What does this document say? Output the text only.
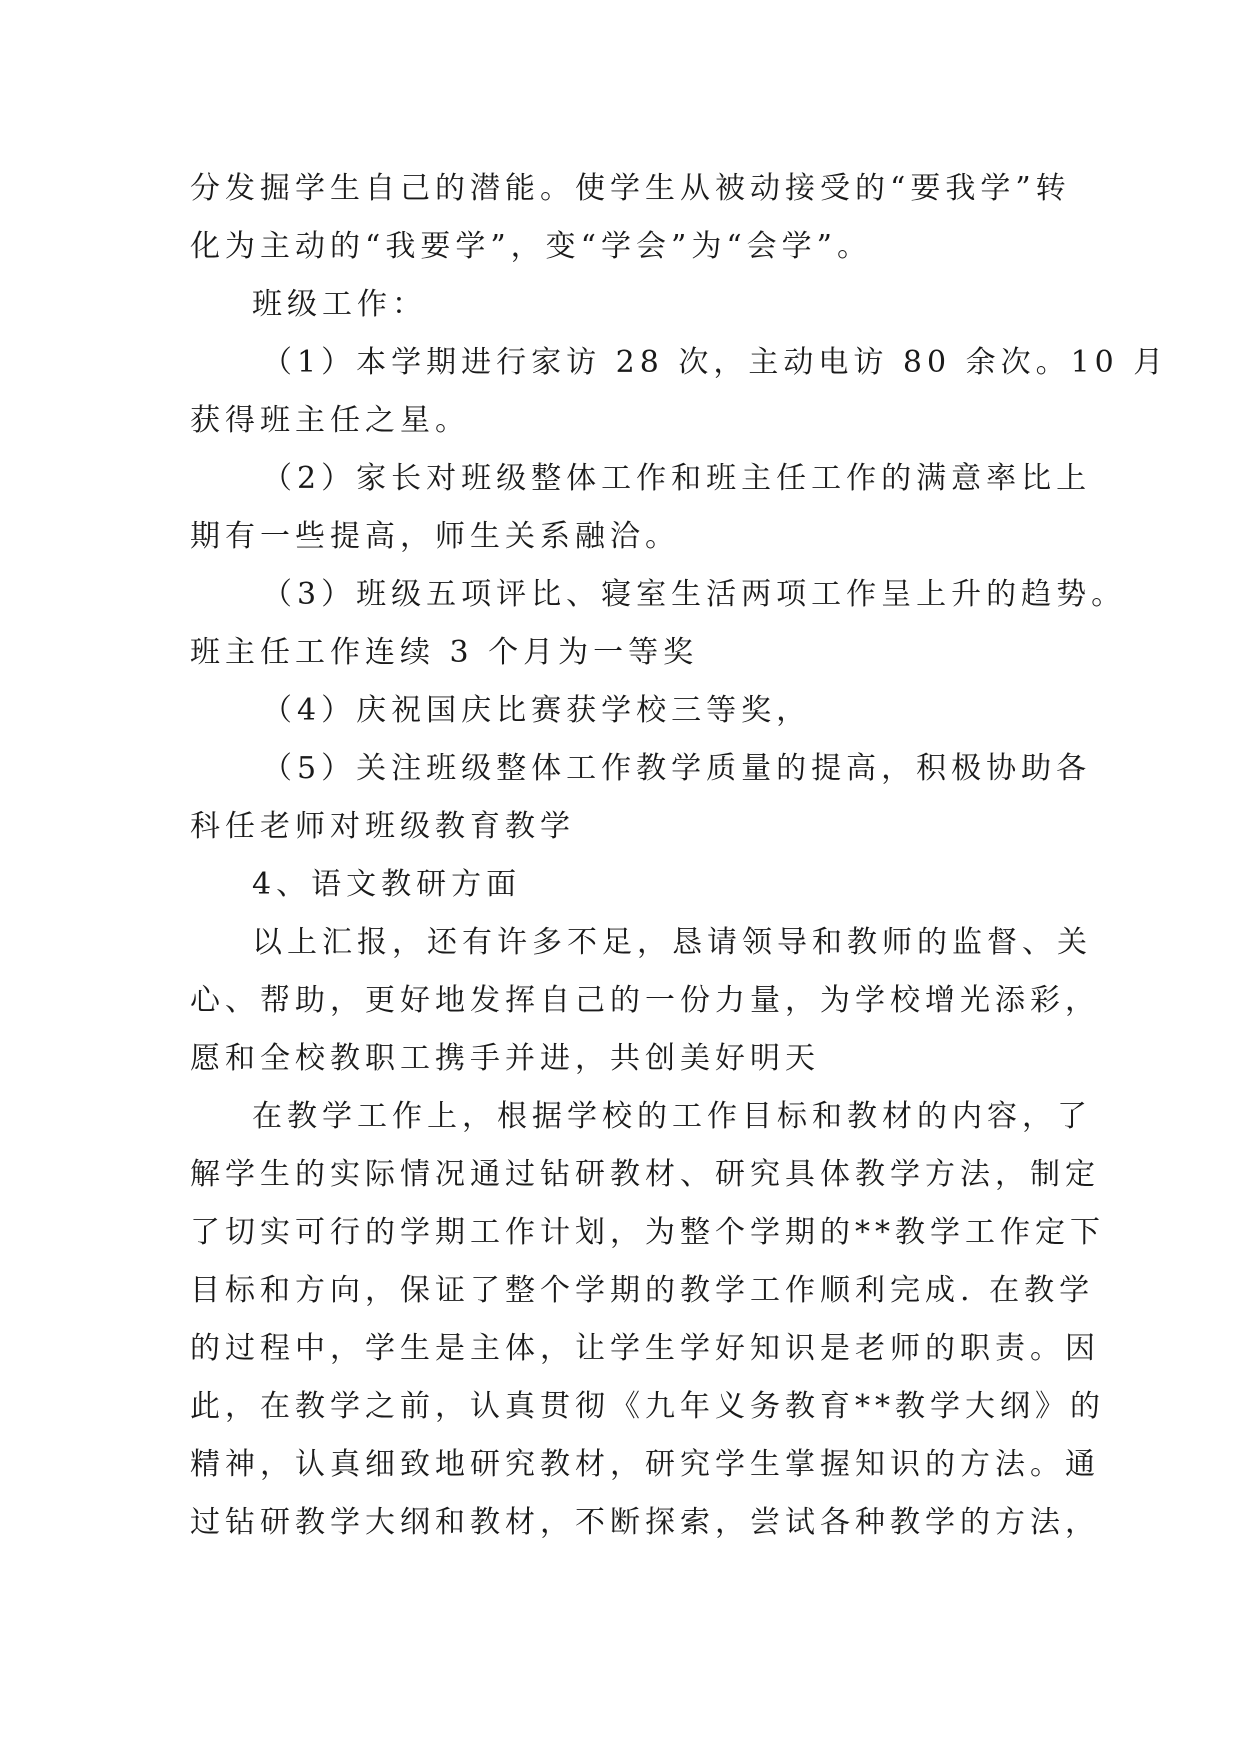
分发掘学生自己的潜能。使学生从被动接受的“要我学”转
化为主动的“我要学”，变“学会”为“会学”。
班级工作：
（1）本学期进行家访 28 次，主动电访 80 余次。10 月
获得班主任之星。
（2）家长对班级整体工作和班主任工作的满意率比上
期有一些提高，师生关系融洽。
（3）班级五项评比、寝室生活两项工作呈上升的趋势。
班主任工作连续 3 个月为一等奖
（4）庆祝国庆比赛获学校三等奖，
（5）关注班级整体工作教学质量的提高，积极协助各
科任老师对班级教育教学
4、语文教研方面
以上汇报，还有许多不足，恳请领导和教师的监督、关
心、帮助，更好地发挥自己的一份力量，为学校增光添彩，
愿和全校教职工携手并进，共创美好明天
在教学工作上，根据学校的工作目标和教材的内容，了
解学生的实际情况通过钻研教材、研究具体教学方法，制定
了切实可行的学期工作计划，为整个学期的**教学工作定下
目标和方向，保证了整个学期的教学工作顺利完成. 在教学
的过程中，学生是主体，让学生学好知识是老师的职责。因
此，在教学之前，认真贯彻《九年义务教育**教学大纲》的
精神，认真细致地研究教材，研究学生掌握知识的方法。通
过钻研教学大纲和教材，不断探索，尝试各种教学的方法，
